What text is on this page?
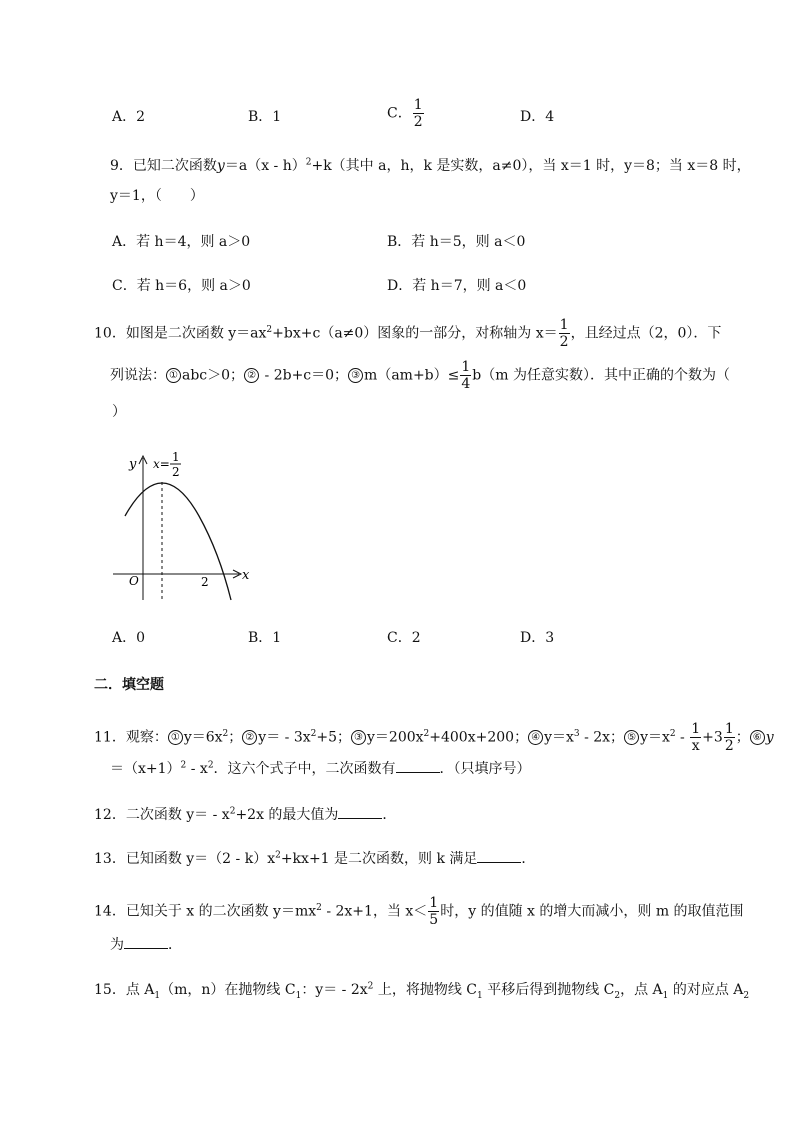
A．2	B．1	C． $\frac{1}{2}$	D．4
9．已知二次函数y＝a（x - h）$^2$+k（其中 a，h，k 是实数，a≠0），当 x＝1 时，y＝8；当 x＝8 时，
y＝1，（　　）
A．若 h＝4，则 a＞0	B．若 h＝5，则 a＜0
C．若 h＝6，则 a＞0	D．若 h＝7，则 a＜0
10．如图是二次函数 $y=ax^2+bx+c(a\ne 0)$图象的一部分，对称轴为 $x= \frac{1}{2}$ ，且经过点（2，0）．下
列说法： ① abc＞0； ② - 2b+c＝0； ③ $m(am+b)\le \frac{1}{4} b(m$ 为任意实数）．其中正确的个数为（
）
y
x
O	2
x= 1
2
A．0	B．1	C．2	D．3
二．填空题
11．观察： ① $y=6x^2$； ② $y= - 3x^2+5$； ③ $y=200x^2+400x+200$； ④ $y=x^3 - 2x$； ⑤ $y=x^2 - \frac{1}{x} +3 \frac{1}{2}$ ； ⑥ y
$=(x+1)^2 - x^2$．这六个式子中，二次函数有	．（只填序号）
12．二次函数 $y= - x^2+2x$ 的最大值为	．
13．已知函数 $y=(2 - k)x^2+kx+1$ 是二次函数，则 k 满足	．
14．已知关于 x 的二次函数 $y=mx^2 - 2x+1$，当 $x< \frac{1}{5}$ 时，y 的值随 x 的增大而减小，则 m 的取值范围
为	．
15．点 $A_1(m$，n）在抛物线 $C_1$：$y= - 2x^2$ 上，将抛物线 $C_1$ 平移后得到抛物线 $C_2$，点 $A_1$ 的对应点 $A_2$
